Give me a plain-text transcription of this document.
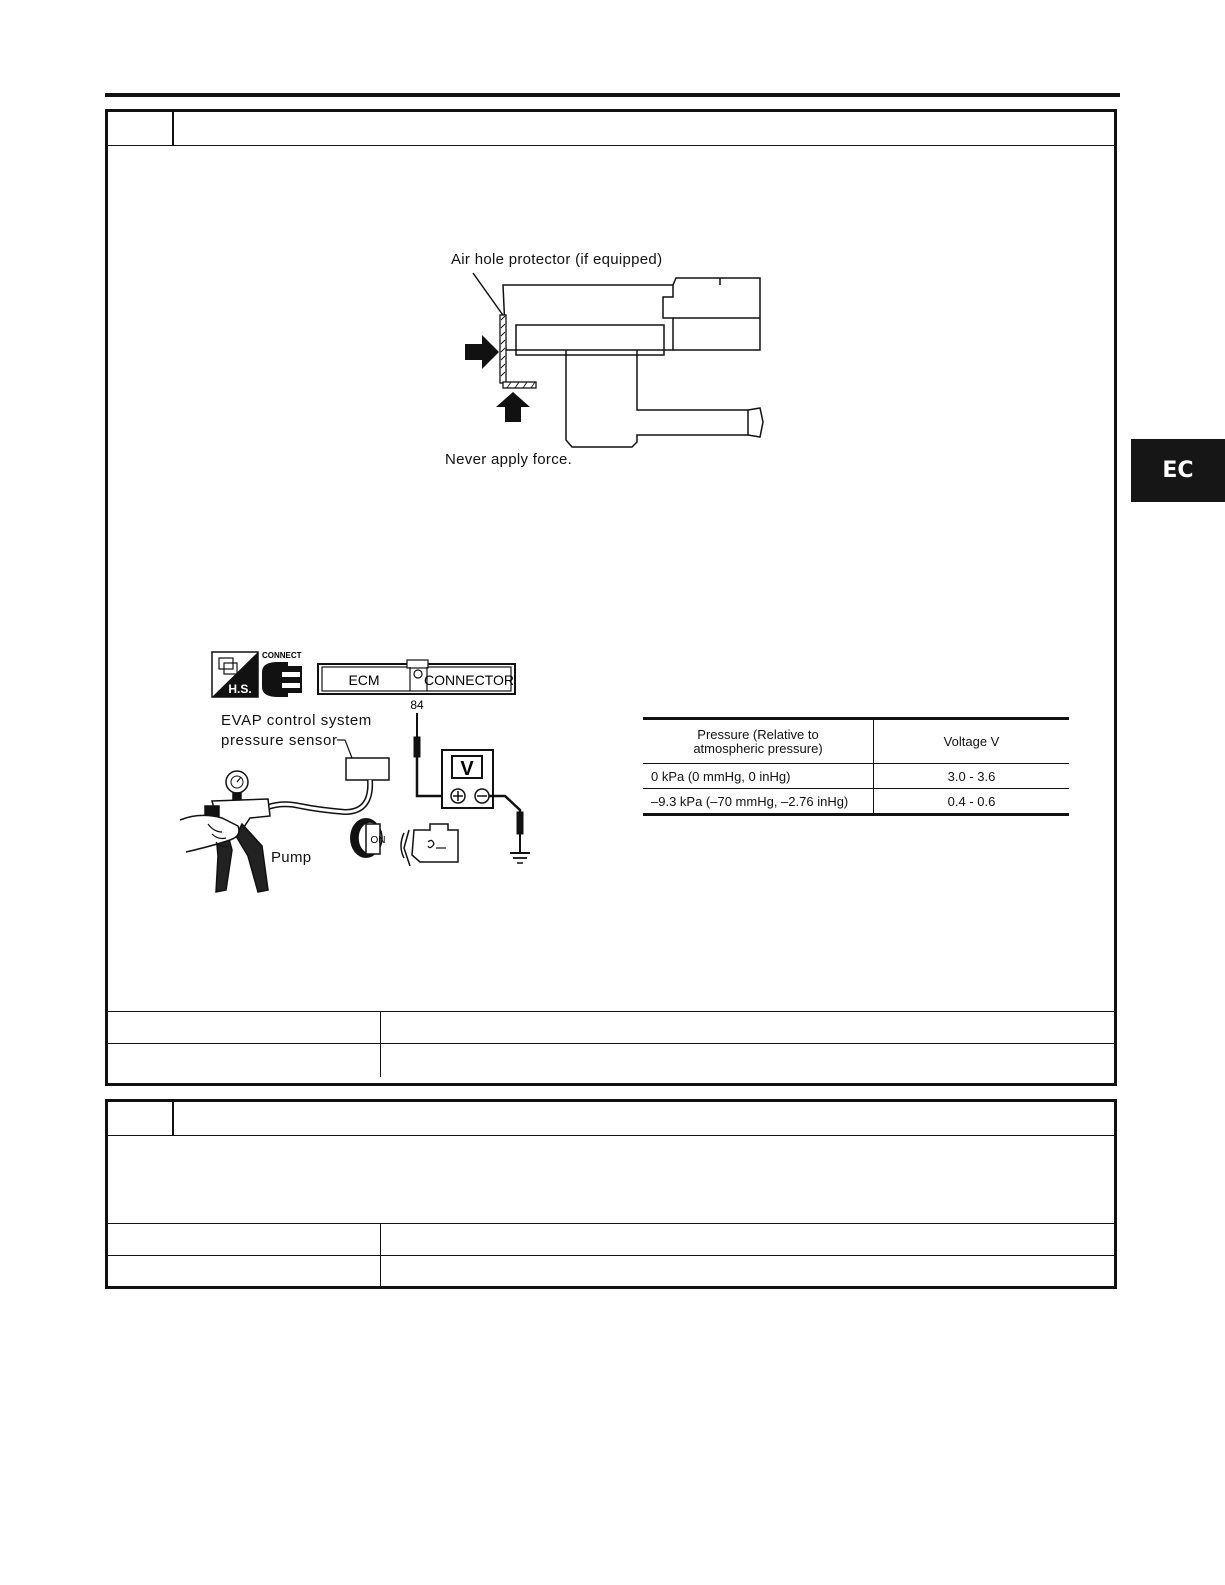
EC
Air hole protector (if equipped)
Never apply force.
H.S.
CONNECT
ECM	CONNECTOR
84
V
ON
EVAP control system
pressure sensor
Pump
Pressure (Relative to
atmospheric pressure)	Voltage V
0 kPa (0 mmHg, 0 inHg)	3.0 - 3.6
–9.3 kPa (–70 mmHg, –2.76 inHg)	0.4 - 0.6
